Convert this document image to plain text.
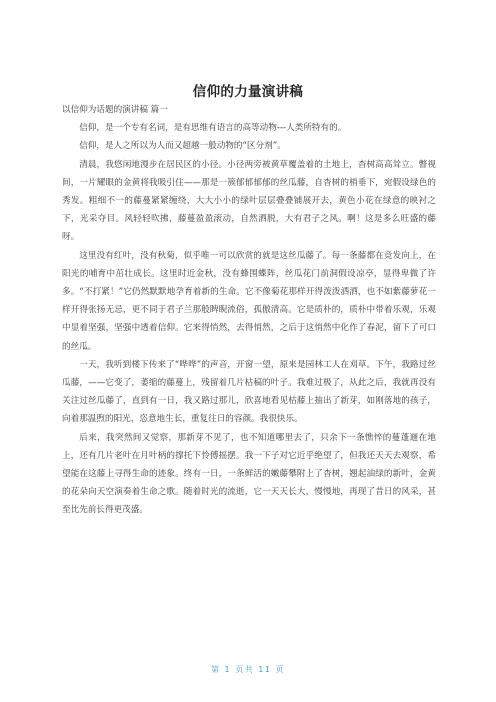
信仰的力量演讲稿

以信仰为话题的演讲稿 篇一

信仰，是一个专有名词，是有思维有语言的高等动物---人类所特有的。

信仰，是人之所以为人而又超越一般动物的“区分剂”。

清晨，我悠闲地漫步在居民区的小径。小径两旁被黄草覆盖着的土地上，杳树高高耸立。瞥视间，一片耀眼的金黄将我吸引住——那是一簇郁郁郁郁的丝瓜藤，自杳树的梢垂下，宛假设绿色的秀发。粗细不一的藤蔓紧紧缠绕，大大小小的绿叶层层叠叠铺展开去，黄色小花在绿意的映衬之下，光采夺目。风轻轻吹拂，藤蔓盈盈滚动，自然洒脱，大有君子之风。啊！这是多么旺盛的藤呀。

这里没有红叶，没有秋菊，似乎唯一可以欣赏的就是这丝瓜藤了。每一条藤都在竞发向上，在阳光的哺育中茁壮成长。这里时近金秋，没有蜂围蝶阵，丝瓜花门前洞假设凉亭，显得卑微了许多。“不打紧！”它仍然默默地孕育着新的生命。它不像菊花那样开得泼泼洒洒，也不如紫藤萝花一样开得张扬无忌，更不同于君子兰那般睥睨流俗，孤傲清高。它是质朴的，质朴中带着乐观，乐观中显着坚强，坚强中透着信仰。它来得悄然，去得悄然，之后于这悄然中化作了春泥，留下了可口的丝瓜。

一天，我听到楼下传来了“哗哗”的声音，开窗一望，原来是园林工人在刈草。下午，我路过丝瓜藤，——它变了，萎缩的藤蔓上，残留着几片枯稿的叶子。我难过极了，从此之后，我就再没有关注过丝瓜藤了，直到有一日，我又路过那儿，欣喜地看见枯藤上抽出了新芽，如刚落地的孩子，向着那温煦的阳光，恣意地生长，重复往日的容颜。我很快乐。

后来，我突然间又觉察，那新芽不见了，也不知道哪里去了，只余下一条憔悴的蔓蓬逦在地上，还有几片老叶在月叶柄的撑托下怜傅摇摆。我一下子对它近乎绝望了，但我还天天去观察，希望能在这藤上寻得生命的迹象。终有一日，一条鲜活的嫩藤攀附上了杳树，翘起油绿的新叶，金黄的花朵向天空演奏着生命之歌。随着时光的流逝，它一天天长大，慢慢地，再现了昔日的风采，甚至比先前长得更茂盛。

第 1 页共 11 页
